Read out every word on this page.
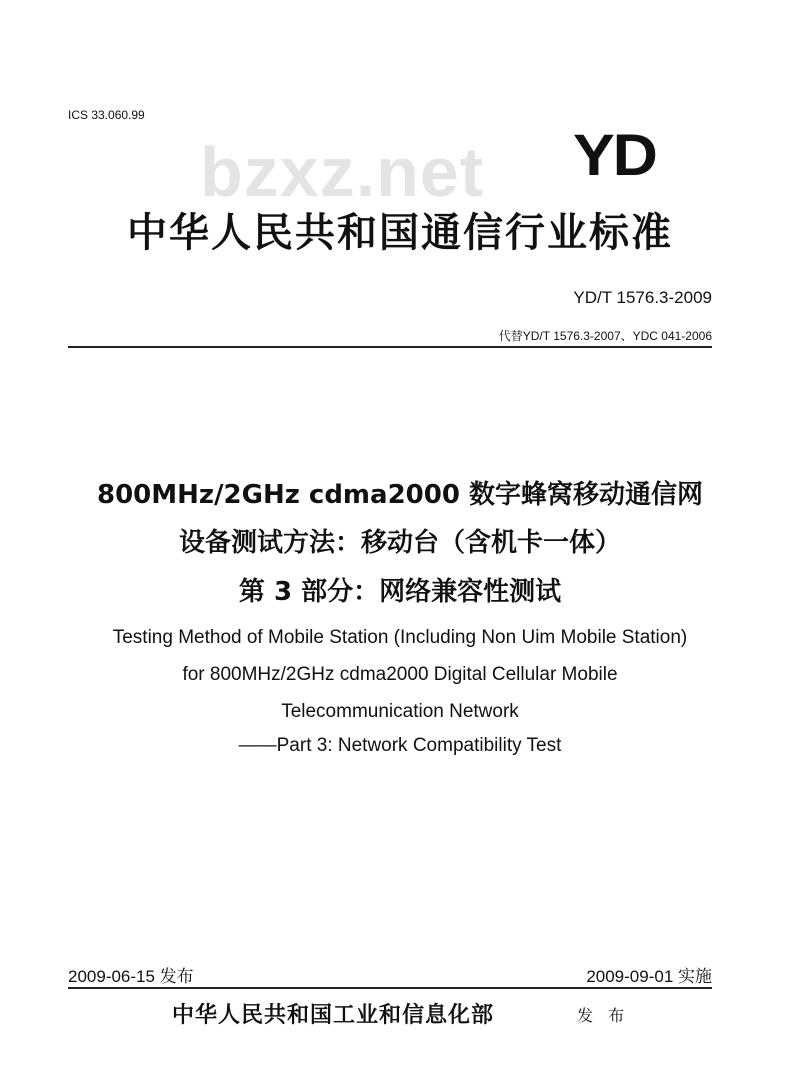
ICS 33.060.99
bzxz.net YD
中华人民共和国通信行业标准
YD/T 1576.3-2009
代替YD/T 1576.3-2007、YDC 041-2006
800MHz/2GHz cdma2000 数字蜂窝移动通信网
设备测试方法：移动台（含机卡一体）
第 3 部分：网络兼容性测试
Testing Method of Mobile Station (Including Non Uim Mobile Station)
for 800MHz/2GHz cdma2000 Digital Cellular Mobile
Telecommunication Network
——Part 3: Network Compatibility Test
2009-06-15 发布	2009-09-01 实施
中华人民共和国工业和信息化部	发 布
